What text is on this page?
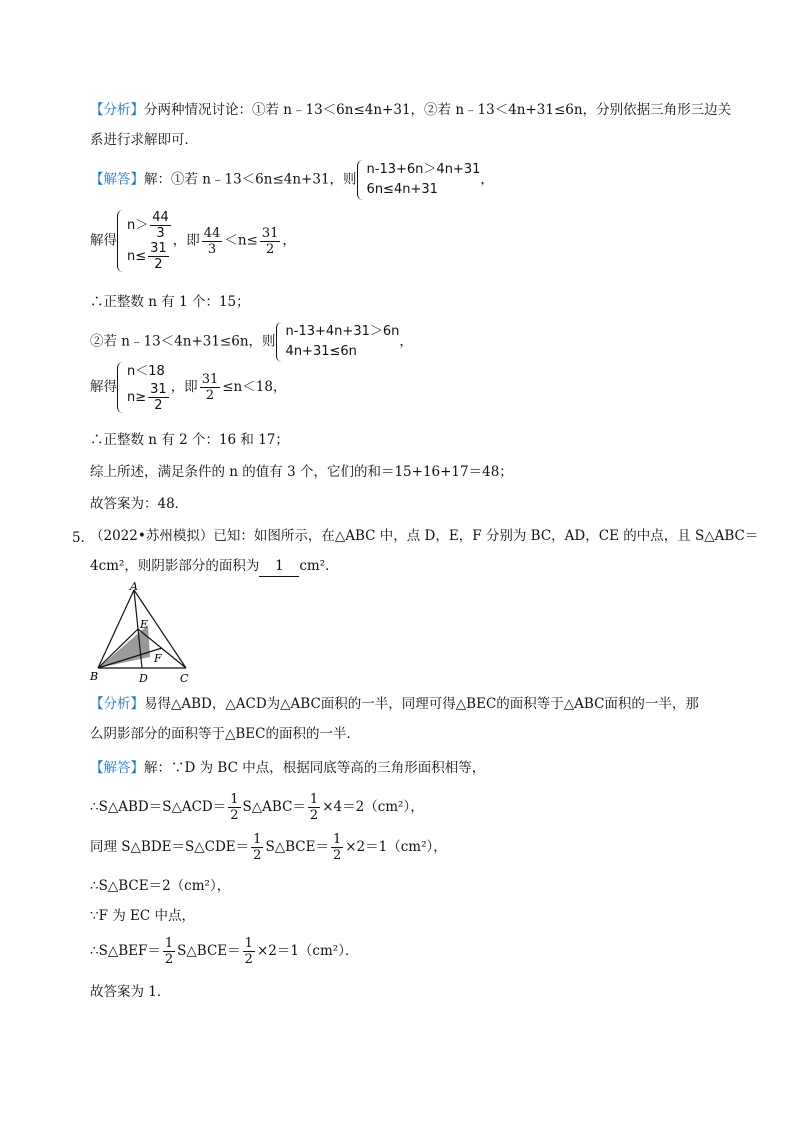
【分析】分两种情况讨论：①若 n﹣13＜6n≤4n+31，②若 n﹣13＜4n+31≤6n，分别依据三角形三边关
系进行求解即可．
【解答】解：①若 n﹣13＜6n≤4n+31，则
n-13+6n＞4n+31
6n≤4n+31
，
解得
$n> \frac{44}{3}$
$n\le \frac{31}{2}$
，即 $\frac{44}{3} <n\le \frac{31}{2}$ ，
∴正整数 n 有 1 个：15；
②若 n﹣13＜4n+31≤6n，则
n-13+4n+31＞6n
4n+31≤6n
，
解得
n＜18
$n\ge \frac{31}{2}$ ，即 $\frac{31}{2} \le n<18$，
∴正整数 n 有 2 个：16 和 17；
综上所述，满足条件的 n 的值有 3 个，它们的和＝15+16+17＝48；
故答案为：48．
5．
（2022•苏州模拟）已知：如图所示，在△ABC 中，点 D，E，F 分别为 BC，AD，CE 的中点，且 S△ABC＝
4cm²，则阴影部分的面积为 1 cm²．
A
E
F
B	D	C
【分析】易得△ABD，△ACD为△ABC面积的一半，同理可得△BEC的面积等于△ABC面积的一半，那
么阴影部分的面积等于△BEC的面积的一半．
【解答】解：∵D 为 BC 中点，根据同底等高的三角形面积相等，
∴S△ABD＝S△ACD＝ $\frac{1}{2}$ S△ABC＝ $\frac{1}{2} \times 4=2(cm^2)$，
同理 S△BDE＝S△CDE＝ $\frac{1}{2}$ S△BCE＝ $\frac{1}{2} \times 2=1(cm^2)$，
∴S△BCE＝2（cm²），
∵F 为 EC 中点，
∴S△BEF＝ $\frac{1}{2}$ S△BCE＝ $\frac{1}{2} \times 2=1(cm^2)$．
故答案为 1．
